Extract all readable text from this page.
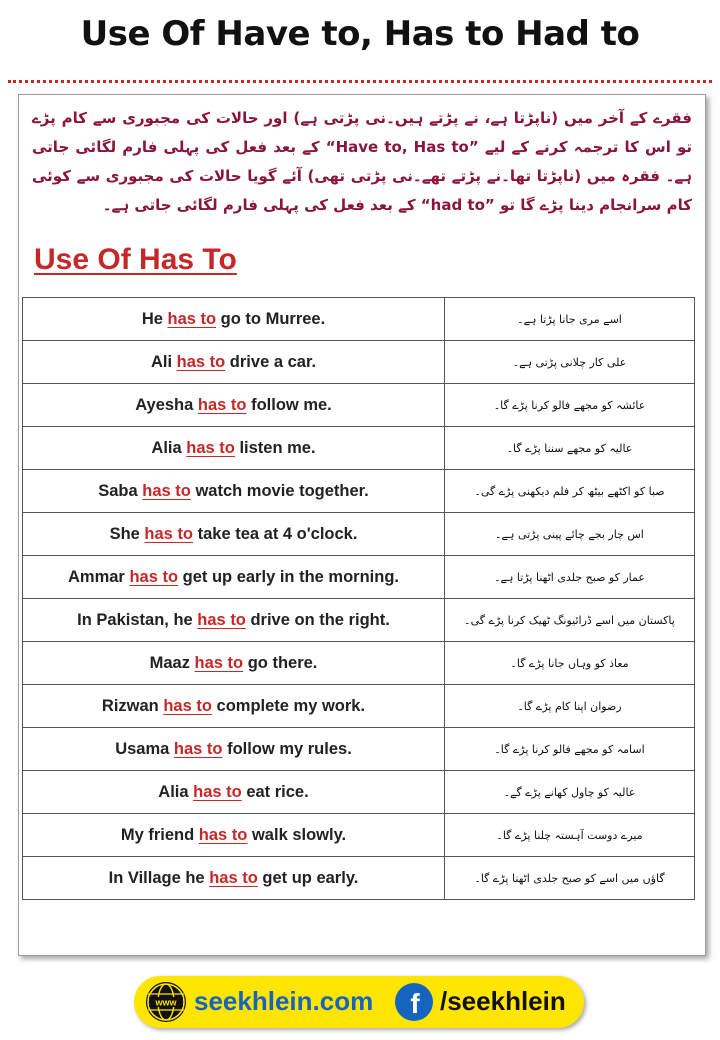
Use Of Have to, Has to Had to

فقرے کے آخر میں (ناپڑتا ہے، نے پڑتے ہیں۔نی پڑتی ہے) اور حالات کی مجبوری سے کام پڑے تو اس کا ترجمہ کرنے کے لیے ”Have to, Has to“ کے بعد فعل کی پہلی فارم لگائی جاتی ہے۔ فقرہ میں (ناپڑتا تھا۔نے پڑتے تھے۔نی پڑتی تھی) آئے گویا حالات کی مجبوری سے کوئی کام سرانجام دینا پڑے گا تو ”had to“ کے بعد فعل کی پہلی فارم لگائی جاتی ہے۔

Use Of Has To
He has to go to Murree.	اسے مری جانا پڑتا ہے۔
Ali has to drive a car.	علی کار چلانی پڑتی ہے۔
Ayesha has to follow me.	عائشہ کو مجھے فالو کرنا پڑے گا۔
Alia has to listen me.	عالیہ کو مجھے سننا پڑے گا۔
Saba has to watch movie together.	صبا کو اکٹھے بیٹھ کر فلم دیکھنی پڑے گی۔
She has to take tea at 4 o'clock.	اس چار بجے چائے پینی پڑتی ہے۔
Ammar has to get up early in the morning.	عمار کو صبح جلدی اٹھنا پڑتا ہے۔
In Pakistan, he has to drive on the right.	پاکستان میں اسے ڈرائیونگ ٹھیک کرنا پڑے گی۔
Maaz has to go there.	معاذ کو وہاں جانا پڑے گا۔
Rizwan has to complete my work.	رضوان اپنا کام پڑے گا۔
Usama has to follow my rules.	اسامہ کو مجھے فالو کرنا پڑے گا۔
Alia has to eat rice.	عالیہ کو چاول کھانے پڑے گے۔
My friend has to walk slowly.	میرے دوست آہستہ چلنا پڑے گا۔
In Village he has to get up early.	گاؤں میں اسے کو صبح جلدی اٹھنا پڑے گا۔
www seekhlein.com f /seekhlein
